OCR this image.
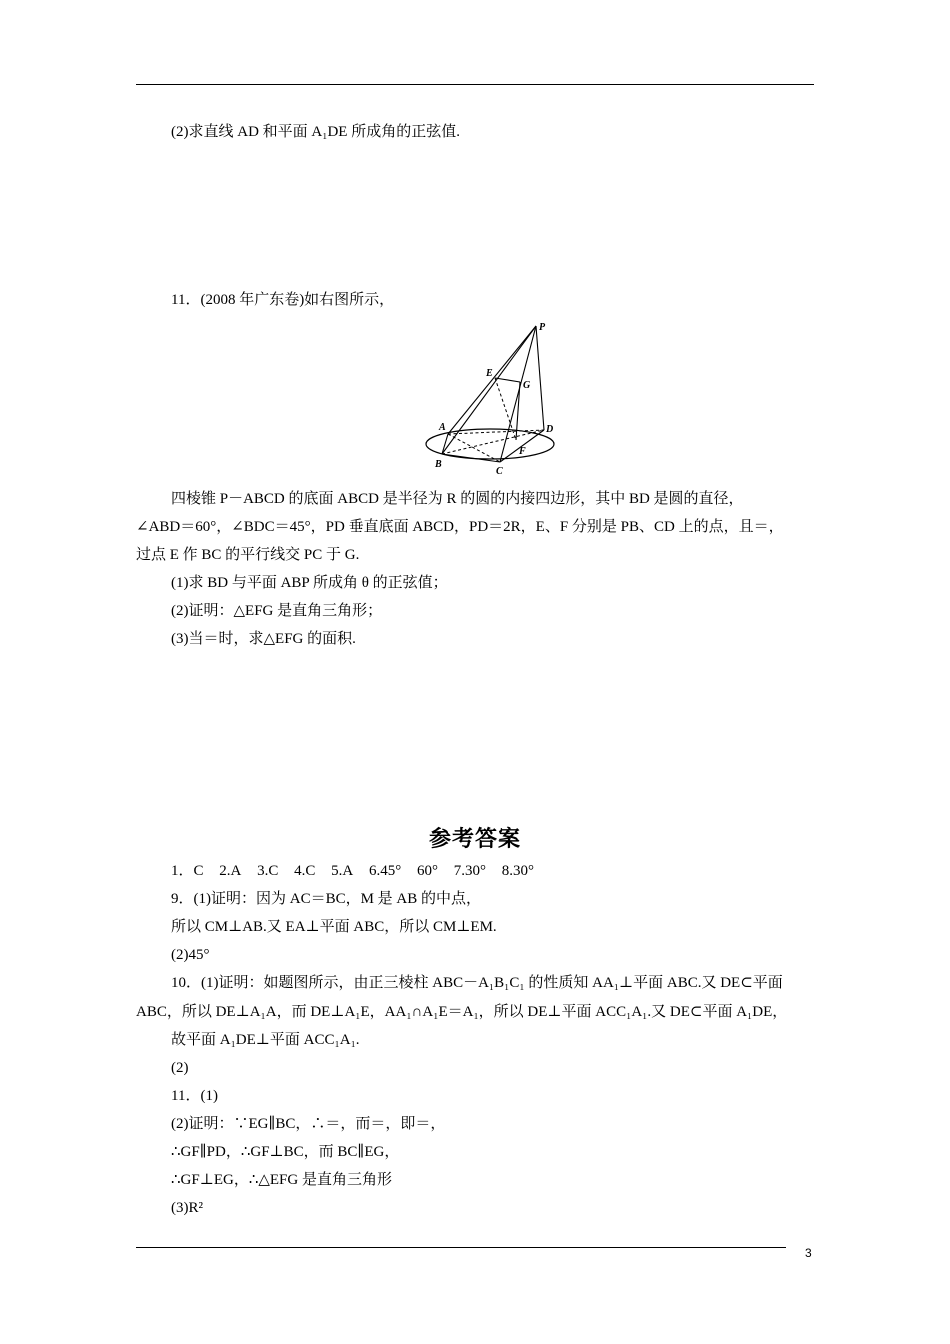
(2)求直线 AD 和平面 A₁DE 所成角的正弦值.
11．(2008 年广东卷)如右图所示，
P
E
G
A	D
B
C
F
四棱锥 P－ABCD 的底面 ABCD 是半径为 R 的圆的内接四边形，其中 BD 是圆的直径，
∠ABD＝60°，∠BDC＝45°，PD 垂直底面 ABCD，PD＝2R，E、F 分别是 PB、CD 上的点，且＝，
过点 E 作 BC 的平行线交 PC 于 G.
(1)求 BD 与平面 ABP 所成角 θ 的正弦值；
(2)证明：△EFG 是直角三角形；
(3)当＝时，求△EFG 的面积.
参考答案
1．C 2.A 3.C 4.C 5.A 6.45° 60° 7.30° 8.30°
9．(1)证明：因为 AC＝BC，M 是 AB 的中点，
所以 CM⊥AB.又 EA⊥平面 ABC，所以 CM⊥EM.
(2)45°
10．(1)证明：如题图所示，由正三棱柱 ABC－A₁B₁C₁ 的性质知 AA₁⊥平面 ABC.又 DE⊂平面
ABC，所以 DE⊥A₁A，而 DE⊥A₁E，AA₁∩A₁E＝A₁，所以 DE⊥平面 ACC₁A₁.又 DE⊂平面 A₁DE，
故平面 A₁DE⊥平面 ACC₁A₁.
(2)
11．(1)
(2)证明：∵EG∥BC，∴＝，而＝，即＝，
∴GF∥PD，∴GF⊥BC，而 BC∥EG，
∴GF⊥EG，∴△EFG 是直角三角形
(3)R²
3
